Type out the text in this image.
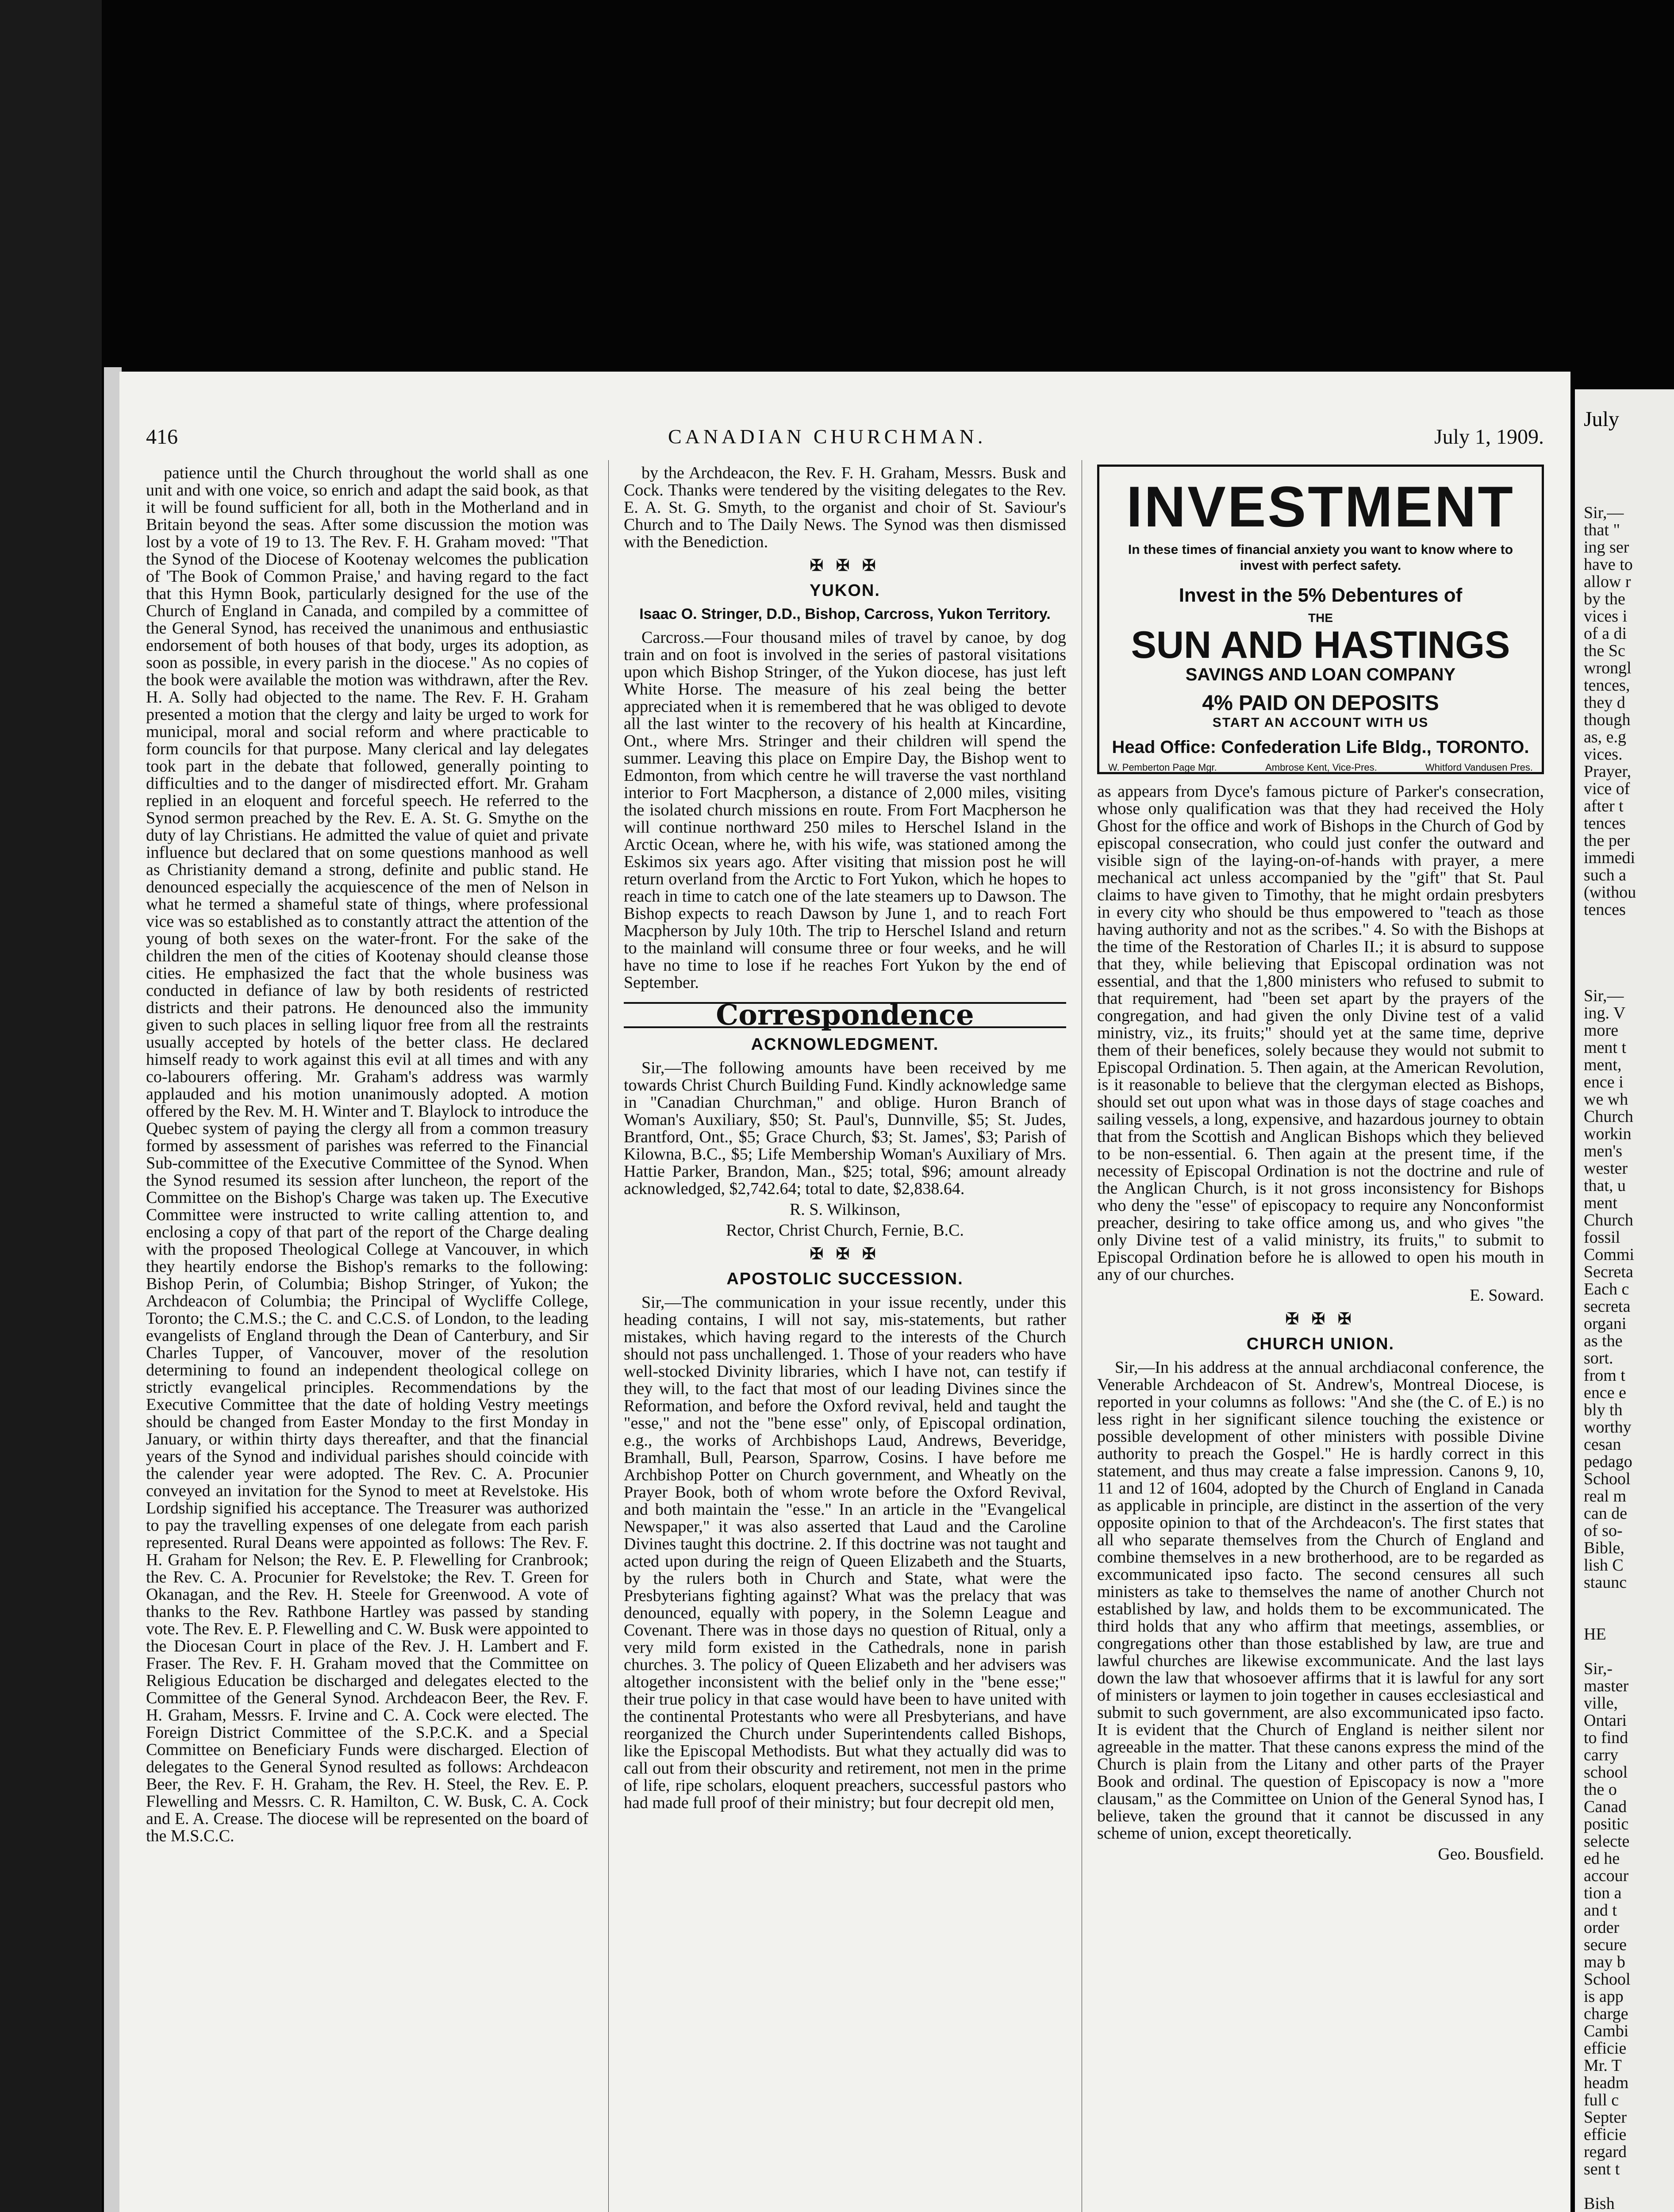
416	CANADIAN CHURCHMAN.	July 1, 1909.

patience until the Church throughout the world shall as one unit and with one voice, so enrich and adapt the said book, as that it will be found sufficient for all, both in the Motherland and in Britain beyond the seas. After some discussion the motion was lost by a vote of 19 to 13. The Rev. F. H. Graham moved: "That the Synod of the Diocese of Kootenay welcomes the publication of 'The Book of Common Praise,' and having regard to the fact that this Hymn Book, particularly designed for the use of the Church of England in Canada, and compiled by a committee of the General Synod, has received the unanimous and enthusiastic endorsement of both houses of that body, urges its adoption, as soon as possible, in every parish in the diocese." As no copies of the book were available the motion was withdrawn, after the Rev. H. A. Solly had objected to the name. The Rev. F. H. Graham presented a motion that the clergy and laity be urged to work for municipal, moral and social reform and where practicable to form councils for that purpose. Many clerical and lay delegates took part in the debate that followed, generally pointing to difficulties and to the danger of misdirected effort. Mr. Graham replied in an eloquent and forceful speech. He referred to the Synod sermon preached by the Rev. E. A. St. G. Smythe on the duty of lay Christians. He admitted the value of quiet and private influence but declared that on some questions manhood as well as Christianity demand a strong, definite and public stand. He denounced especially the acquiescence of the men of Nelson in what he termed a shameful state of things, where professional vice was so established as to constantly attract the attention of the young of both sexes on the water-front. For the sake of the children the men of the cities of Kootenay should cleanse those cities. He emphasized the fact that the whole business was conducted in defiance of law by both residents of restricted districts and their patrons. He denounced also the immunity given to such places in selling liquor free from all the restraints usually accepted by hotels of the better class. He declared himself ready to work against this evil at all times and with any co-labourers offering. Mr. Graham's address was warmly applauded and his motion unanimously adopted. A motion offered by the Rev. M. H. Winter and T. Blaylock to introduce the Quebec system of paying the clergy all from a common treasury formed by assessment of parishes was referred to the Financial Sub-committee of the Executive Committee of the Synod. When the Synod resumed its session after luncheon, the report of the Committee on the Bishop's Charge was taken up. The Executive Committee were instructed to write calling attention to, and enclosing a copy of that part of the report of the Charge dealing with the proposed Theological College at Vancouver, in which they heartily endorse the Bishop's remarks to the following: Bishop Perin, of Columbia; Bishop Stringer, of Yukon; the Archdeacon of Columbia; the Principal of Wycliffe College, Toronto; the C.M.S.; the C. and C.C.S. of London, to the leading evangelists of England through the Dean of Canterbury, and Sir Charles Tupper, of Vancouver, mover of the resolution determining to found an independent theological college on strictly evangelical principles. Recommendations by the Executive Committee that the date of holding Vestry meetings should be changed from Easter Monday to the first Monday in January, or within thirty days thereafter, and that the financial years of the Synod and individual parishes should coincide with the calender year were adopted. The Rev. C. A. Procunier conveyed an invitation for the Synod to meet at Revelstoke. His Lordship signified his acceptance. The Treasurer was authorized to pay the travelling expenses of one delegate from each parish represented. Rural Deans were appointed as follows: The Rev. F. H. Graham for Nelson; the Rev. E. P. Flewelling for Cranbrook; the Rev. C. A. Procunier for Revelstoke; the Rev. T. Green for Okanagan, and the Rev. H. Steele for Greenwood. A vote of thanks to the Rev. Rathbone Hartley was passed by standing vote. The Rev. E. P. Flewelling and C. W. Busk were appointed to the Diocesan Court in place of the Rev. J. H. Lambert and F. Fraser. The Rev. F. H. Graham moved that the Committee on Religious Education be discharged and delegates elected to the Committee of the General Synod. Archdeacon Beer, the Rev. F. H. Graham, Messrs. F. Irvine and C. A. Cock were elected. The Foreign District Committee of the S.P.C.K. and a Special Committee on Beneficiary Funds were discharged. Election of delegates to the General Synod resulted as follows: Archdeacon Beer, the Rev. F. H. Graham, the Rev. H. Steel, the Rev. E. P. Flewelling and Messrs. C. R. Hamilton, C. W. Busk, C. A. Cock and E. A. Crease. The diocese will be represented on the board of the M.S.C.C.

by the Archdeacon, the Rev. F. H. Graham, Messrs. Busk and Cock. Thanks were tendered by the visiting delegates to the Rev. E. A. St. G. Smyth, to the organist and choir of St. Saviour's Church and to The Daily News. The Synod was then dismissed with the Benediction.

✠ ✠ ✠
YUKON.
Isaac O. Stringer, D.D., Bishop, Carcross, Yukon Territory.

Carcross.—Four thousand miles of travel by canoe, by dog train and on foot is involved in the series of pastoral visitations upon which Bishop Stringer, of the Yukon diocese, has just left White Horse. The measure of his zeal being the better appreciated when it is remembered that he was obliged to devote all the last winter to the recovery of his health at Kincardine, Ont., where Mrs. Stringer and their children will spend the summer. Leaving this place on Empire Day, the Bishop went to Edmonton, from which centre he will traverse the vast northland interior to Fort Macpherson, a distance of 2,000 miles, visiting the isolated church missions en route. From Fort Macpherson he will continue northward 250 miles to Herschel Island in the Arctic Ocean, where he, with his wife, was stationed among the Eskimos six years ago. After visiting that mission post he will return overland from the Arctic to Fort Yukon, which he hopes to reach in time to catch one of the late steamers up to Dawson. The Bishop expects to reach Dawson by June 1, and to reach Fort Macpherson by July 10th. The trip to Herschel Island and return to the mainland will consume three or four weeks, and he will have no time to lose if he reaches Fort Yukon by the end of September.

Correspondence
ACKNOWLEDGMENT.

Sir,—The following amounts have been received by me towards Christ Church Building Fund. Kindly acknowledge same in "Canadian Churchman," and oblige. Huron Branch of Woman's Auxiliary, $50; St. Paul's, Dunnville, $5; St. Judes, Brantford, Ont., $5; Grace Church, $3; St. James', $3; Parish of Kilowna, B.C., $5; Life Membership Woman's Auxiliary of Mrs. Hattie Parker, Brandon, Man., $25; total, $96; amount already acknowledged, $2,742.64; total to date, $2,838.64.

R. S. Wilkinson,

Rector, Christ Church, Fernie, B.C.

✠ ✠ ✠
APOSTOLIC SUCCESSION.

Sir,—The communication in your issue recently, under this heading contains, I will not say, mis-statements, but rather mistakes, which having regard to the interests of the Church should not pass unchallenged. 1. Those of your readers who have well-stocked Divinity libraries, which I have not, can testify if they will, to the fact that most of our leading Divines since the Reformation, and before the Oxford revival, held and taught the "esse," and not the "bene esse" only, of Episcopal ordination, e.g., the works of Archbishops Laud, Andrews, Beveridge, Bramhall, Bull, Pearson, Sparrow, Cosins. I have before me Archbishop Potter on Church government, and Wheatly on the Prayer Book, both of whom wrote before the Oxford Revival, and both maintain the "esse." In an article in the "Evangelical Newspaper," it was also asserted that Laud and the Caroline Divines taught this doctrine. 2. If this doctrine was not taught and acted upon during the reign of Queen Elizabeth and the Stuarts, by the rulers both in Church and State, what were the Presbyterians fighting against? What was the prelacy that was denounced, equally with popery, in the Solemn League and Covenant. There was in those days no question of Ritual, only a very mild form existed in the Cathedrals, none in parish churches. 3. The policy of Queen Elizabeth and her advisers was altogether inconsistent with the belief only in the "bene esse;" their true policy in that case would have been to have united with the continental Protestants who were all Presbyterians, and have reorganized the Church under Superintendents called Bishops, like the Episcopal Methodists. But what they actually did was to call out from their obscurity and retirement, not men in the prime of life, ripe scholars, eloquent preachers, successful pastors who had made full proof of their ministry; but four decrepit old men,

INVESTMENT
In these times of financial anxiety you want to know where to invest with perfect safety.
Invest in the 5% Debentures of
THE
SUN AND HASTINGS
SAVINGS AND LOAN COMPANY
4% PAID ON DEPOSITS
START AN ACCOUNT WITH US
Head Office: Confederation Life Bldg., TORONTO.
W. Pemberton Page Mgr.	Ambrose Kent, Vice-Pres.	Whitford Vandusen Pres.

as appears from Dyce's famous picture of Parker's consecration, whose only qualification was that they had received the Holy Ghost for the office and work of Bishops in the Church of God by episcopal consecration, who could just confer the outward and visible sign of the laying-on-of-hands with prayer, a mere mechanical act unless accompanied by the "gift" that St. Paul claims to have given to Timothy, that he might ordain presbyters in every city who should be thus empowered to "teach as those having authority and not as the scribes." 4. So with the Bishops at the time of the Restoration of Charles II.; it is absurd to suppose that they, while believing that Episcopal ordination was not essential, and that the 1,800 ministers who refused to submit to that requirement, had "been set apart by the prayers of the congregation, and had given the only Divine test of a valid ministry, viz., its fruits;" should yet at the same time, deprive them of their benefices, solely because they would not submit to Episcopal Ordination. 5. Then again, at the American Revolution, is it reasonable to believe that the clergyman elected as Bishops, should set out upon what was in those days of stage coaches and sailing vessels, a long, expensive, and hazardous journey to obtain that from the Scottish and Anglican Bishops which they believed to be non-essential. 6. Then again at the present time, if the necessity of Episcopal Ordination is not the doctrine and rule of the Anglican Church, is it not gross inconsistency for Bishops who deny the "esse" of episcopacy to require any Nonconformist preacher, desiring to take office among us, and who gives "the only Divine test of a valid ministry, its fruits," to submit to Episcopal Ordination before he is allowed to open his mouth in any of our churches.

E. Soward.

✠ ✠ ✠
CHURCH UNION.

Sir,—In his address at the annual archdiaconal conference, the Venerable Archdeacon of St. Andrew's, Montreal Diocese, is reported in your columns as follows: "And she (the C. of E.) is no less right in her significant silence touching the existence or possible development of other ministers with possible Divine authority to preach the Gospel." He is hardly correct in this statement, and thus may create a false impression. Canons 9, 10, 11 and 12 of 1604, adopted by the Church of England in Canada as applicable in principle, are distinct in the assertion of the very opposite opinion to that of the Archdeacon's. The first states that all who separate themselves from the Church of England and combine themselves in a new brotherhood, are to be regarded as excommunicated ipso facto. The second censures all such ministers as take to themselves the name of another Church not established by law, and holds them to be excommunicated. The third holds that any who affirm that meetings, assemblies, or congregations other than those established by law, are true and lawful churches are likewise excommunicate. And the last lays down the law that whosoever affirms that it is lawful for any sort of ministers or laymen to join together in causes ecclesiastical and submit to such government, are also excommunicated ipso facto. It is evident that the Church of England is neither silent nor agreeable in the matter. That these canons express the mind of the Church is plain from the Litany and other parts of the Prayer Book and ordinal. The question of Episcopacy is now a "more clausam," as the Committee on Union of the General Synod has, I believe, taken the ground that it cannot be discussed in any scheme of union, except theoretically.

Geo. Bousfield.

July
Sir,—
that "
ing ser
have to
allow r
by the
vices i
of a di
the Sc
wrongl
tences,
they d
though
as, e.g
vices.
Prayer,
vice of
after t
tences
the per
immedi
such a
(withou
tences

Sir,—
ing. V
more
ment t
ment,
ence i
we wh
Church
workin
men's
wester
that, u
ment
Church
fossil
Commi
Secreta
Each c
secreta
organi
as the
sort.
from t
ence e
bly th
worthy
cesan
pedago
School
real m
can de
of so-
Bible,
lish C
staunc

HE

Sir,-
master
ville,
Ontari
to find
carry
school
the o
Canad
positic
selecte
ed he
accour
tion a
and t
order
secure
may b
School
is app
charge
Cambi
efficie
Mr. T
headm
full c
Septer
efficie
regard
sent t

Bish
